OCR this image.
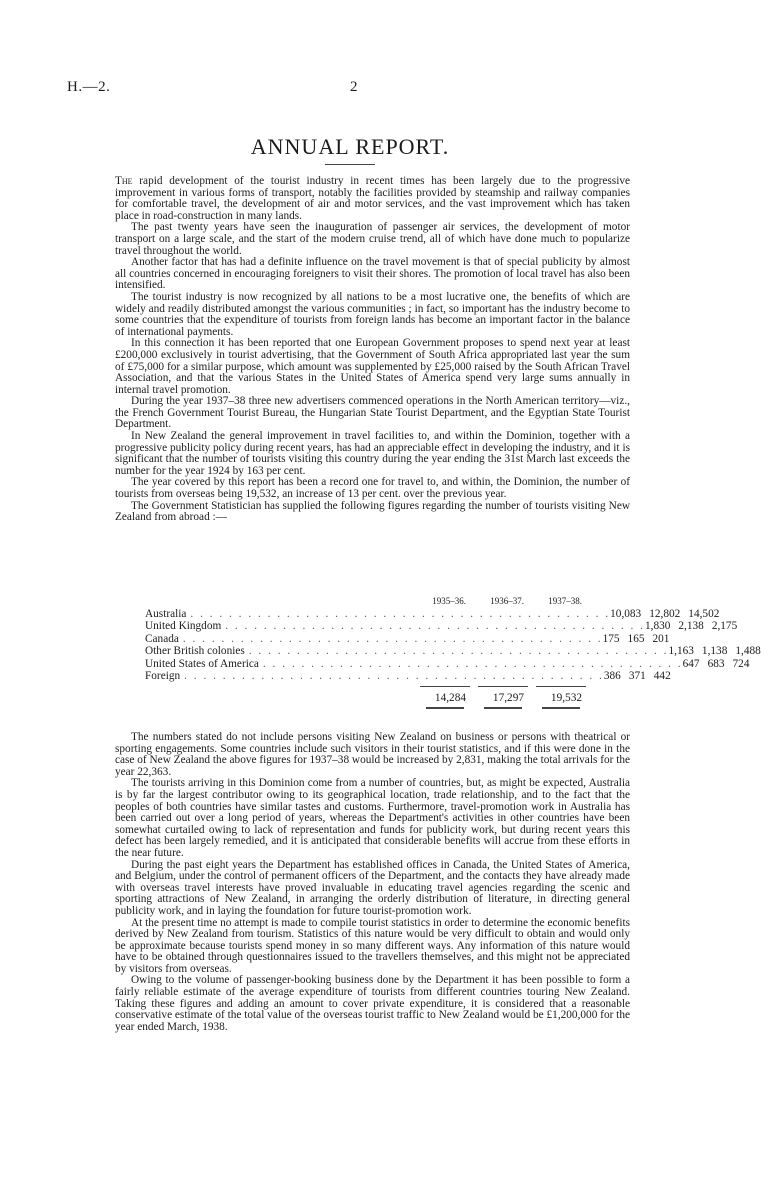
H.—2.	2
ANNUAL REPORT.

The rapid development of the tourist industry in recent times has been largely due to the progressive improvement in various forms of transport, notably the facilities provided by steamship and railway companies for comfortable travel, the development of air and motor services, and the vast improvement which has taken place in road-construction in many lands.

The past twenty years have seen the inauguration of passenger air services, the development of motor transport on a large scale, and the start of the modern cruise trend, all of which have done much to popularize travel throughout the world.

Another factor that has had a definite influence on the travel movement is that of special publicity by almost all countries concerned in encouraging foreigners to visit their shores. The promotion of local travel has also been intensified.

The tourist industry is now recognized by all nations to be a most lucrative one, the benefits of which are widely and readily distributed amongst the various communities ; in fact, so important has the industry become to some countries that the expenditure of tourists from foreign lands has become an important factor in the balance of international payments.

In this connection it has been reported that one European Government proposes to spend next year at least £200,000 exclusively in tourist advertising, that the Government of South Africa appropriated last year the sum of £75,000 for a similar purpose, which amount was supplemented by £25,000 raised by the South African Travel Association, and that the various States in the United States of America spend very large sums annually in internal travel promotion.

During the year 1937–38 three new advertisers commenced operations in the North American territory—viz., the French Government Tourist Bureau, the Hungarian State Tourist Department, and the Egyptian State Tourist Department.

In New Zealand the general improvement in travel facilities to, and within the Dominion, together with a progressive publicity policy during recent years, has had an appreciable effect in developing the industry, and it is significant that the number of tourists visiting this country during the year ending the 31st March last exceeds the number for the year 1924 by 163 per cent.

The year covered by this report has been a record one for travel to, and within, the Dominion, the number of tourists from overseas being 19,532, an increase of 13 per cent. over the previous year.

The Government Statistician has supplied the following figures regarding the number of tourists visiting New Zealand from abroad :—

1935–36.	1936–37.	1937–38.
Australia . . . . . . . . . . . . . . . . . . . . . . . . . . . . . . . . . . . . . . . . . . . . 10,083 12,802 14,502
United Kingdom . . . . . . . . . . . . . . . . . . . . . . . . . . . . . . . . . . . . . . . . . . . . 1,830 2,138 2,175
Canada . . . . . . . . . . . . . . . . . . . . . . . . . . . . . . . . . . . . . . . . . . . . 175 165 201
Other British colonies . . . . . . . . . . . . . . . . . . . . . . . . . . . . . . . . . . . . . . . . . . . . 1,163 1,138 1,488
United States of America . . . . . . . . . . . . . . . . . . . . . . . . . . . . . . . . . . . . . . . . . . . . 647 683 724
Foreign . . . . . . . . . . . . . . . . . . . . . . . . . . . . . . . . . . . . . . . . . . . . 386 371 442
14,284	17,297	19,532

The numbers stated do not include persons visiting New Zealand on business or persons with theatrical or sporting engagements. Some countries include such visitors in their tourist statistics, and if this were done in the case of New Zealand the above figures for 1937–38 would be increased by 2,831, making the total arrivals for the year 22,363.

The tourists arriving in this Dominion come from a number of countries, but, as might be expected, Australia is by far the largest contributor owing to its geographical location, trade relationship, and to the fact that the peoples of both countries have similar tastes and customs. Furthermore, travel-promotion work in Australia has been carried out over a long period of years, whereas the Department's activities in other countries have been somewhat curtailed owing to lack of representation and funds for publicity work, but during recent years this defect has been largely remedied, and it is anticipated that considerable benefits will accrue from these efforts in the near future.

During the past eight years the Department has established offices in Canada, the United States of America, and Belgium, under the control of permanent officers of the Department, and the contacts they have already made with overseas travel interests have proved invaluable in educating travel agencies regarding the scenic and sporting attractions of New Zealand, in arranging the orderly distribution of literature, in directing general publicity work, and in laying the foundation for future tourist-promotion work.

At the present time no attempt is made to compile tourist statistics in order to determine the economic benefits derived by New Zealand from tourism. Statistics of this nature would be very difficult to obtain and would only be approximate because tourists spend money in so many different ways. Any information of this nature would have to be obtained through questionnaires issued to the travellers themselves, and this might not be appreciated by visitors from overseas.

Owing to the volume of passenger-booking business done by the Department it has been possible to form a fairly reliable estimate of the average expenditure of tourists from different countries touring New Zealand. Taking these figures and adding an amount to cover private expenditure, it is considered that a reasonable conservative estimate of the total value of the overseas tourist traffic to New Zealand would be £1,200,000 for the year ended March, 1938.
